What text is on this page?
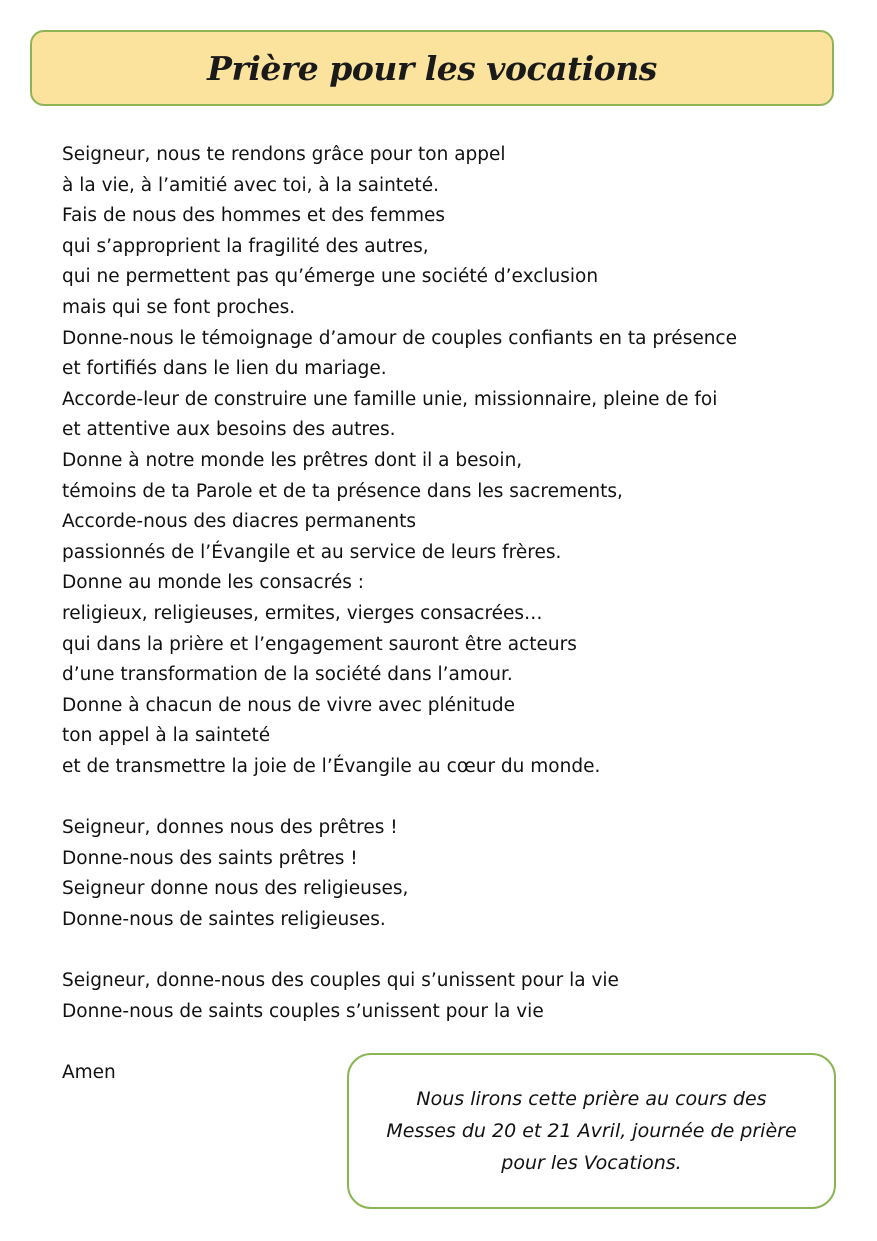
Prière pour les vocations
Seigneur, nous te rendons grâce pour ton appel
à la vie, à l’amitié avec toi, à la sainteté.
Fais de nous des hommes et des femmes
qui s’approprient la fragilité des autres,
qui ne permettent pas qu’émerge une société d’exclusion
mais qui se font proches.
Donne-nous le témoignage d’amour de couples confiants en ta présence
et fortifiés dans le lien du mariage.
Accorde-leur de construire une famille unie, missionnaire, pleine de foi
et attentive aux besoins des autres.
Donne à notre monde les prêtres dont il a besoin,
témoins de ta Parole et de ta présence dans les sacrements,
Accorde-nous des diacres permanents
passionnés de l’Évangile et au service de leurs frères.
Donne au monde les consacrés :
religieux, religieuses, ermites, vierges consacrées…
qui dans la prière et l’engagement sauront être acteurs
d’une transformation de la société dans l’amour.
Donne à chacun de nous de vivre avec plénitude
ton appel à la sainteté
et de transmettre la joie de l’Évangile au cœur du monde.
Seigneur, donnes nous des prêtres !
Donne-nous des saints prêtres !
Seigneur donne nous des religieuses,
Donne-nous de saintes religieuses.
Seigneur, donne-nous des couples qui s’unissent pour la vie
Donne-nous de saints couples s’unissent pour la vie
Amen

Nous lirons cette prière au cours des Messes du 20 et 21 Avril, journée de prière pour les Vocations.
